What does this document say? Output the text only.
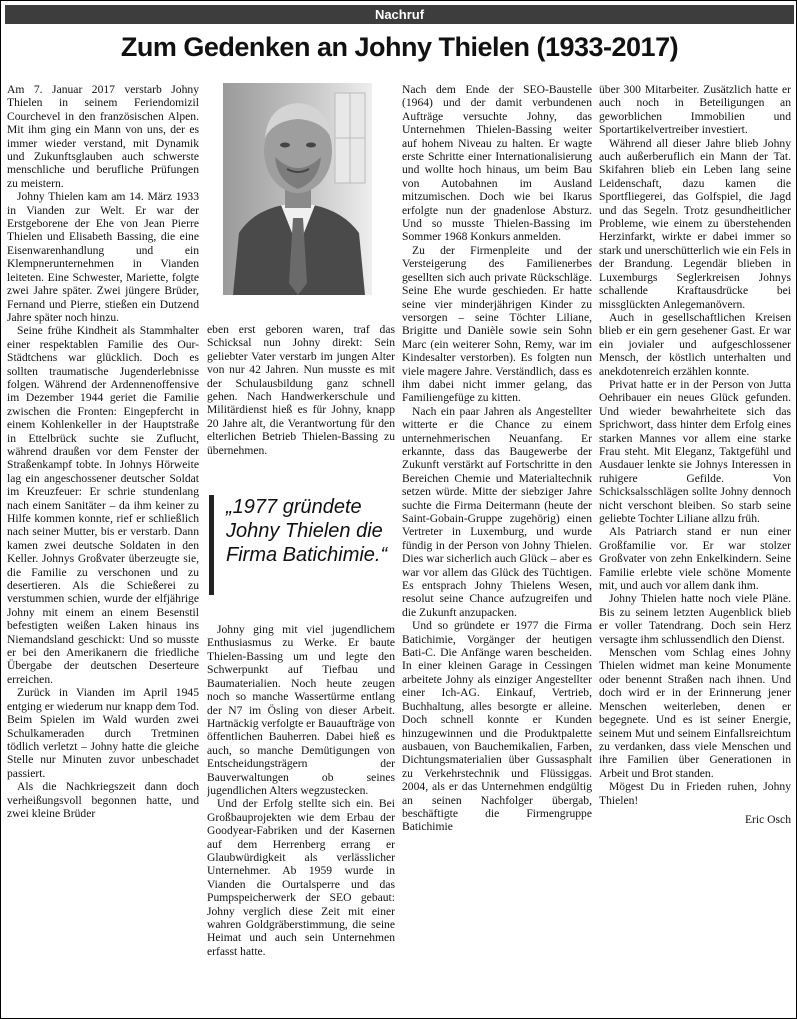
Nachruf
Zum Gedenken an Johny Thielen (1933-2017)

Am 7. Januar 2017 verstarb Johny Thielen in seinem Feriendomizil Courchevel in den französischen Alpen. Mit ihm ging ein Mann von uns, der es immer wieder verstand, mit Dynamik und Zukunftsglauben auch schwerste menschliche und berufliche Prüfungen zu meistern.

Johny Thielen kam am 14. März 1933 in Vianden zur Welt. Er war der Erstgeborene der Ehe von Jean Pierre Thielen und Elisabeth Bassing, die eine Eisenwarenhandlung und ein Klempnerunternehmen in Vianden leiteten. Eine Schwester, Mariette, folgte zwei Jahre später. Zwei jüngere Brüder, Fernand und Pierre, stießen ein Dutzend Jahre später noch hinzu.

Seine frühe Kindheit als Stammhalter einer respektablen Familie des Our-Städtchens war glücklich. Doch es sollten traumatische Jugenderlebnisse folgen. Während der Ardennenoffensive im Dezember 1944 geriet die Familie zwischen die Fronten: Eingepfercht in einem Kohlenkeller in der Hauptstraße in Ettelbrück suchte sie Zuflucht, während draußen vor dem Fenster der Straßenkampf tobte. In Johnys Hörweite lag ein angeschossener deutscher Soldat im Kreuzfeuer: Er schrie stundenlang nach einem Sanitäter – da ihm keiner zu Hilfe kommen konnte, rief er schließlich nach seiner Mutter, bis er verstarb. Dann kamen zwei deutsche Soldaten in den Keller. Johnys Großvater überzeugte sie, die Familie zu verschonen und zu desertieren. Als die Schießerei zu verstummen schien, wurde der elfjährige Johny mit einem an einem Besenstil befestigten weißen Laken hinaus ins Niemandsland geschickt: Und so musste er bei den Amerikanern die friedliche Übergabe der deutschen Deserteure erreichen.

Zurück in Vianden im April 1945 entging er wiederum nur knapp dem Tod. Beim Spielen im Wald wurden zwei Schulkameraden durch Tretminen tödlich verletzt – Johny hatte die gleiche Stelle nur Minuten zuvor unbeschadet passiert.

Als die Nachkriegszeit dann doch verheißungsvoll begonnen hatte, und zwei kleine Brüder

eben erst geboren waren, traf das Schicksal nun Johny direkt: Sein geliebter Vater verstarb im jungen Alter von nur 42 Jahren. Nun musste es mit der Schulausbildung ganz schnell gehen. Nach Handwerkerschule und Militärdienst hieß es für Johny, knapp 20 Jahre alt, die Verantwortung für den elterlichen Betrieb Thielen-Bassing zu übernehmen.

Johny ging mit viel jugendlichem Enthusiasmus zu Werke. Er baute Thielen-Bassing um und legte den Schwerpunkt auf Tiefbau und Baumaterialien. Noch heute zeugen noch so manche Wassertürme entlang der N7 im Ösling von dieser Arbeit. Hartnäckig verfolgte er Bauaufträge von öffentlichen Bauherren. Dabei hieß es auch, so manche Demütigungen von Entscheidungsträgern der Bauverwaltungen ob seines jugendlichen Alters wegzustecken.

Und der Erfolg stellte sich ein. Bei Großbauprojekten wie dem Erbau der Goodyear-Fabriken und der Kasernen auf dem Herrenberg errang er Glaubwürdigkeit als verlässlicher Unternehmer. Ab 1959 wurde in Vianden die Ourtalsperre und das Pumpspeicherwerk der SEO gebaut: Johny verglich diese Zeit mit einer wahren Goldgräberstimmung, die seine Heimat und auch sein Unternehmen erfasst hatte.

„1977 gründete Johny Thielen die Firma Batichimie.“

Nach dem Ende der SEO-Baustelle (1964) und der damit verbundenen Aufträge versuchte Johny, das Unternehmen Thielen-Bassing weiter auf hohem Niveau zu halten. Er wagte erste Schritte einer Internationalisierung und wollte hoch hinaus, um beim Bau von Autobahnen im Ausland mitzumischen. Doch wie bei Ikarus erfolgte nun der gnadenlose Absturz. Und so musste Thielen-Bassing im Sommer 1968 Konkurs anmelden.

Zu der Firmenpleite und der Versteigerung des Familienerbes gesellten sich auch private Rückschläge. Seine Ehe wurde geschieden. Er hatte seine vier minderjährigen Kinder zu versorgen – seine Töchter Liliane, Brigitte und Danièle sowie sein Sohn Marc (ein weiterer Sohn, Remy, war im Kindesalter verstorben). Es folgten nun viele magere Jahre. Verständlich, dass es ihm dabei nicht immer gelang, das Familiengefüge zu kitten.

Nach ein paar Jahren als Angestellter witterte er die Chance zu einem unternehmerischen Neuanfang. Er erkannte, dass das Baugewerbe der Zukunft verstärkt auf Fortschritte in den Bereichen Chemie und Materialtechnik setzen würde. Mitte der siebziger Jahre suchte die Firma Deitermann (heute der Saint-Gobain-Gruppe zugehörig) einen Vertreter in Luxemburg, und wurde fündig in der Person von Johny Thielen. Dies war sicherlich auch Glück – aber es war vor allem das Glück des Tüchtigen. Es entsprach Johny Thielens Wesen, resolut seine Chance aufzugreifen und die Zukunft anzupacken.

Und so gründete er 1977 die Firma Batichimie, Vorgänger der heutigen Bati-C. Die Anfänge waren bescheiden. In einer kleinen Garage in Cessingen arbeitete Johny als einziger Angestellter einer Ich-AG. Einkauf, Vertrieb, Buchhaltung, alles besorgte er alleine. Doch schnell konnte er Kunden hinzugewinnen und die Produktpalette ausbauen, von Bauchemikalien, Farben, Dichtungsmaterialien über Gussasphalt zu Verkehrstechnik und Flüssiggas. 2004, als er das Unternehmen endgültig an seinen Nachfolger übergab, beschäftigte die Firmengruppe Batichimie

über 300 Mitarbeiter. Zusätzlich hatte er auch noch in Beteiligungen an geworblichen Immobilien und Sportartikelvertreiber investiert.

Während all dieser Jahre blieb Johny auch außerberuflich ein Mann der Tat. Skifahren blieb ein Leben lang seine Leidenschaft, dazu kamen die Sportfliegerei, das Golfspiel, die Jagd und das Segeln. Trotz gesundheitlicher Probleme, wie einem zu überstehenden Herzinfarkt, wirkte er dabei immer so stark und unerschütterlich wie ein Fels in der Brandung. Legendär blieben in Luxemburgs Seglerkreisen Johnys schallende Kraftausdrücke bei missglückten Anlegemanövern.

Auch in gesellschaftlichen Kreisen blieb er ein gern gesehener Gast. Er war ein jovialer und aufgeschlossener Mensch, der köstlich unterhalten und anekdotenreich erzählen konnte.

Privat hatte er in der Person von Jutta Oehribauer ein neues Glück gefunden. Und wieder bewahrheitete sich das Sprichwort, dass hinter dem Erfolg eines starken Mannes vor allem eine starke Frau steht. Mit Eleganz, Taktgefühl und Ausdauer lenkte sie Johnys Interessen in ruhigere Gefilde. Von Schicksalsschlägen sollte Johny dennoch nicht verschont bleiben. So starb seine geliebte Tochter Liliane allzu früh.

Als Patriarch stand er nun einer Großfamilie vor. Er war stolzer Großvater von zehn Enkelkindern. Seine Familie erlebte viele schöne Momente mit, und auch vor allem dank ihm.

Johny Thielen hatte noch viele Pläne. Bis zu seinem letzten Augenblick blieb er voller Tatendrang. Doch sein Herz versagte ihm schlussendlich den Dienst.

Menschen vom Schlag eines Johny Thielen widmet man keine Monumente oder benennt Straßen nach ihnen. Und doch wird er in der Erinnerung jener Menschen weiterleben, denen er begegnete. Und es ist seiner Energie, seinem Mut und seinem Einfallsreichtum zu verdanken, dass viele Menschen und ihre Familien über Generationen in Arbeit und Brot standen.

Mögest Du in Frieden ruhen, Johny Thielen!

Eric Osch
